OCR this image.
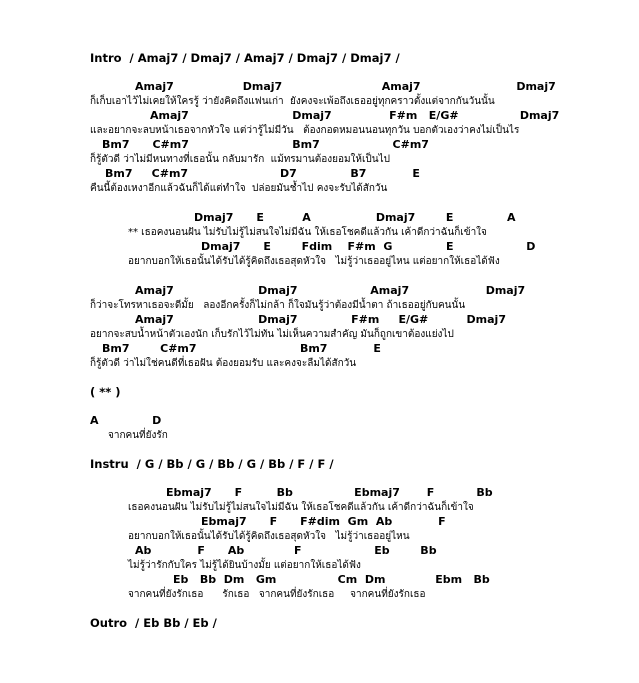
Intro  / Amaj7 / Dmaj7 / Amaj7 / Dmaj7 / Dmaj7 /
Amaj7                  Dmaj7                          Amaj7                         Dmaj7
ก็เก็บเอาไว้ไม่เคยให้ใครรู้ ว่ายังคิดถึงแฟนเก่า  ยังคงจะเพ้อถึงเธออยู่ทุกคราวตั้งแต่จากกันวันนั้น
Amaj7                           Dmaj7               F#m   E/G#                Dmaj7
และอยากจะลบหน้าเธอจากหัวใจ แต่ว่ารู้ไม่มีวัน   ต้องกอดหมอนนอนทุกวัน บอกตัวเองว่าคงไม่เป็นไร
Bm7      C#m7                           Bm7                   C#m7
ก็รู้ตัวดี ว่าไม่มีหนทางที่เธอนั้น กลับมารัก  แม้ทรมานต้องยอมให้เป็นไป
Bm7     C#m7                        D7              B7            E
คืนนี้ต้องเหงาอีกแล้วฉันก็ได้แต่ทำใจ  ปล่อยมันช้ำไป คงจะรับได้สักวัน
Dmaj7      E          A                 Dmaj7        E              A
** เธอคงนอนฝัน ไม่รับไม่รู้ไม่สนใจไม่มีฉัน ให้เธอโชคดีแล้วกัน เค้าดีกว่าฉันก็เข้าใจ
Dmaj7      E        Fdim    F#m  G              E                   D
อยากบอกให้เธอนั้นได้รับได้รู้คิดถึงเธอสุดหัวใจ   ไม่รู้ว่าเธออยู่ไหน แต่อยากให้เธอได้ฟัง
Amaj7                      Dmaj7                   Amaj7                    Dmaj7
ก็ว่าจะโทรหาเธอจะดีมั้ย   ลองอีกครั้งก็ไม่กล้า ก็ใจมันรู้ว่าต้องมีน้ำตา ถ้าเธออยู่กับคนนั้น
Amaj7                      Dmaj7              F#m     E/G#          Dmaj7
อยากจะสบน้ำหน้าตัวเองนัก เก็บรักไว้ไม่ทัน ไม่เห็นความสำคัญ มันก็ถูกเขาต้องแย่งไป
Bm7        C#m7                           Bm7            E
ก็รู้ตัวดี ว่าไม่ใช่คนดีที่เธอฝัน ต้องยอมรับ และคงจะลืมได้สักวัน
( ** )
A              D
จากคนที่ยังรัก
Instru  / G / Bb / G / Bb / G / Bb / F / F /
Ebmaj7      F         Bb                Ebmaj7       F           Bb
เธอคงนอนฝัน ไม่รับไม่รู้ไม่สนใจไม่มีฉัน ให้เธอโชคดีแล้วกัน เค้าดีกว่าฉันก็เข้าใจ
Ebmaj7      F      F#dim  Gm  Ab            F
อยากบอกให้เธอนั้นได้รับได้รู้คิดถึงเธอสุดหัวใจ   ไม่รู้ว่าเธออยู่ไหน
Ab            F      Ab             F                   Eb        Bb
ไม่รู้ว่ารักกับใคร ไม่รู้ได้ยินบ้างมั้ย แต่อยากให้เธอได้ฟัง
Eb   Bb  Dm   Gm                Cm  Dm             Ebm   Bb
จากคนที่ยังรักเธอ      รักเธอ   จากคนที่ยังรักเธอ     จากคนที่ยังรักเธอ
Outro  / Eb Bb / Eb /
